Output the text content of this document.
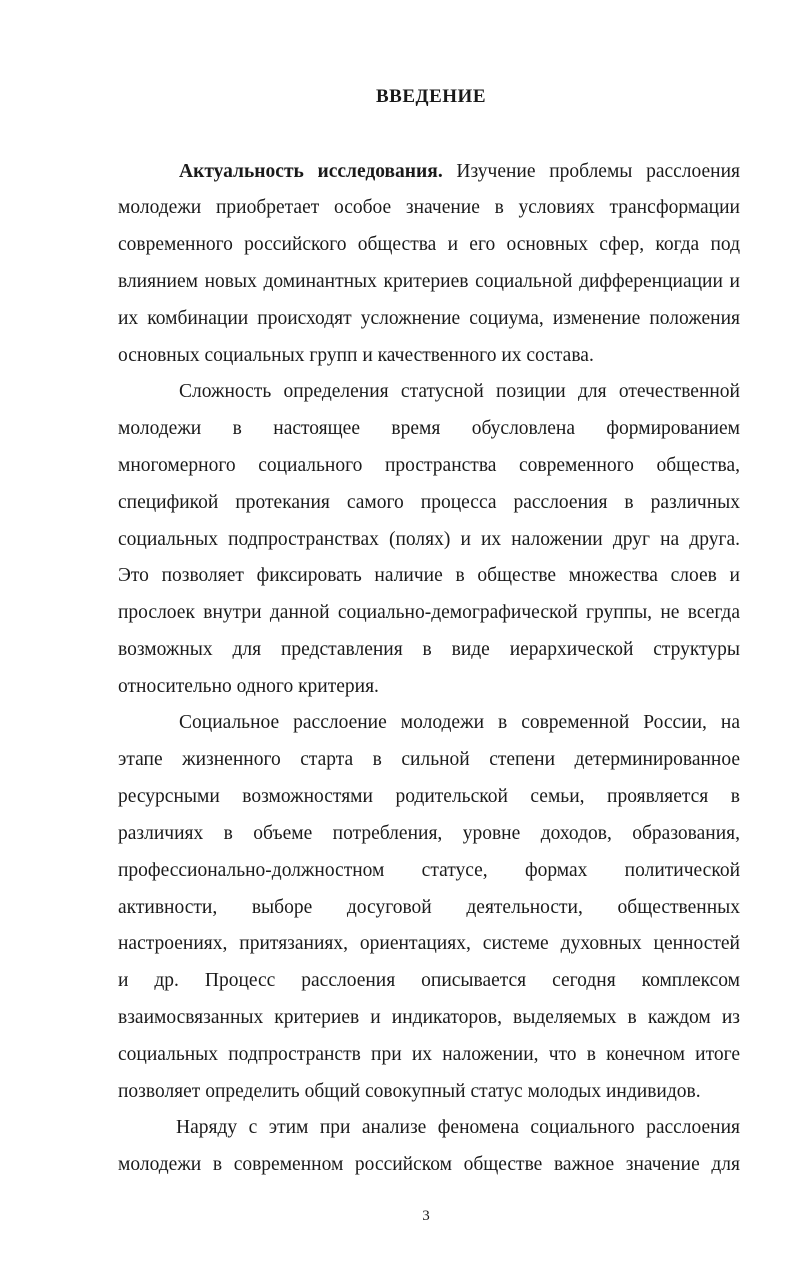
ВВЕДЕНИЕ
Актуальность исследования. Изучение проблемы расслоения
молодежи приобретает особое значение в условиях трансформации
современного российского общества и его основных сфер, когда под
влиянием новых доминантных критериев социальной дифференциации и
их комбинации происходят усложнение социума, изменение положения
основных социальных групп и качественного их состава.
Сложность определения статусной позиции для отечественной
молодежи в настоящее время обусловлена формированием
многомерного социального пространства современного общества,
спецификой протекания самого процесса расслоения в различных
социальных подпространствах (полях) и их наложении друг на друга.
Это позволяет фиксировать наличие в обществе множества слоев и
прослоек внутри данной социально-демографической группы, не всегда
возможных для представления в виде иерархической структуры
относительно одного критерия.
Социальное расслоение молодежи в современной России, на
этапе жизненного старта в сильной степени детерминированное
ресурсными возможностями родительской семьи, проявляется в
различиях в объеме потребления, уровне доходов, образования,
профессионально-должностном статусе, формах политической
активности, выборе досуговой деятельности, общественных
настроениях, притязаниях, ориентациях, системе духовных ценностей
и др. Процесс расслоения описывается сегодня комплексом
взаимосвязанных критериев и индикаторов, выделяемых в каждом из
социальных подпространств при их наложении, что в конечном итоге
позволяет определить общий совокупный статус молодых индивидов.
Наряду с этим при анализе феномена социального расслоения
молодежи в современном российском обществе важное значение для
3
